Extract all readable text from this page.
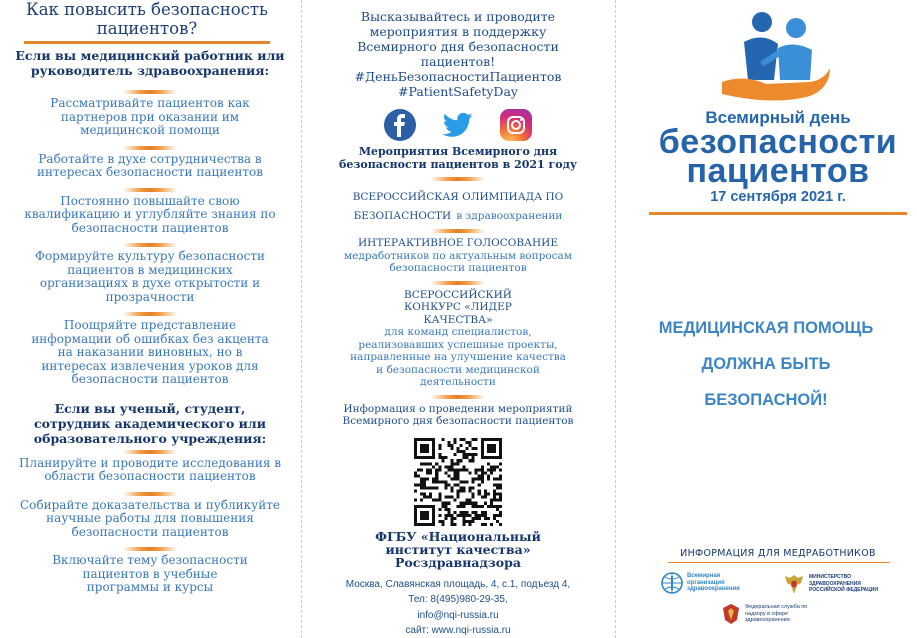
Как повысить безопасность пациентов?
Если вы медицинский работник или руководитель здравоохранения:
Рассматривайте пациентов как партнеров при оказании им медицинской помощи
Работайте в духе сотрудничества в интересах безопасности пациентов
Постоянно повышайте свою квалификацию и углубляйте знания по безопасности пациентов
Формируйте культуру безопасности пациентов в медицинских организациях в духе открытости и прозрачности
Поощряйте представление информации об ошибках без акцента на наказании виновных, но в интересах извлечения уроков для безопасности пациентов
Если вы ученый, студент, сотрудник академического или образовательного учреждения:
Планируйте и проводите исследования в области безопасности пациентов
Собирайте доказательства и публикуйте научные работы для повышения безопасности пациентов
Включайте тему безопасности пациентов в учебные программы и курсы
Высказывайтесь и проводите мероприятия в поддержку Всемирного дня безопасности пациентов! #ДеньБезопасностиПациентов #PatientSafetyDay
Мероприятия Всемирного дня безопасности пациентов в 2021 году
ВСЕРОССИЙСКАЯ ОЛИМПИАДА ПО БЕЗОПАСНОСТИ в здравоохранении
ИНТЕРАКТИВНОЕ ГОЛОСОВАНИЕ
медработников по актуальным вопросам безопасности пациентов
ВСЕРОССИЙСКИЙ КОНКУРС «ЛИДЕР КАЧЕСТВА»
для команд специалистов, реализовавших успешные проекты, направленные на улучшение качества и безопасности медицинской деятельности
Информация о проведении мероприятий Всемирного дня безопасности пациентов
ФГБУ «Национальный институт качества» Росздравнадзора
Москва, Славянская площадь, 4, с.1, подъезд 4,
Тел: 8(495)980-29-35,
info@nqi-russia.ru
сайт: www.nqi-russia.ru
Всемирный день
безопасности
пациентов
17 сентября 2021 г.
МЕДИЦИНСКАЯ ПОМОЩЬ
ДОЛЖНА БЫТЬ
БЕЗОПАСНОЙ!
ИНФОРМАЦИЯ ДЛЯ МЕДРАБОТНИКОВ
Всемирная организация здравоохранения
МИНИСТЕРСТВО ЗДРАВООХРАНЕНИЯ РОССИЙСКОЙ ФЕДЕРАЦИИ
Федеральная служба по надзору в сфере здравоохранения
